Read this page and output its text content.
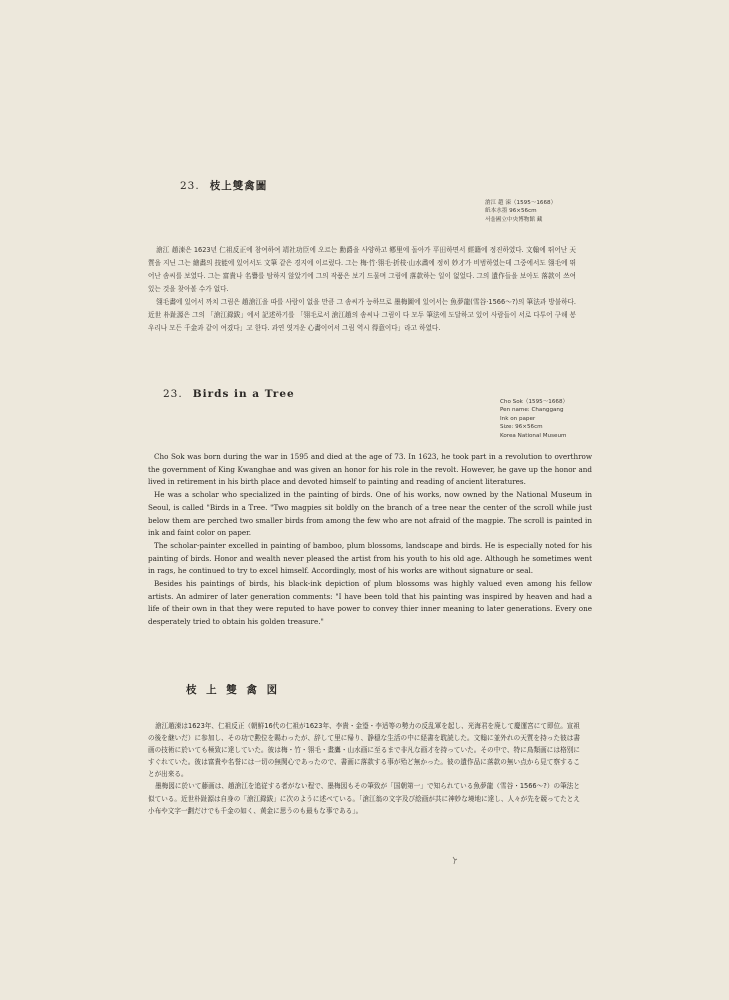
23. 枝上雙禽圖
滄江 趙 涑（1595～1668）
紙本水墨 96×56cm
서울國立中央博物館 藏

滄江 趙涑은 1623년 仁祖反正에 참여하여 靖社功臣에 오르는 勳爵을 사양하고 鄕里에 돌아가 平田하면서 經籍에 정진하였다. 文翰에 뛰어난 天質을 지닌 그는 繪畵의 技能에 있어서도 文筆 같은 경지에 이르렀다. 그는 梅·竹·翎毛·折枝·山水畵에 정히 妙才가 비범하였는데 그중에서도 翎毛에 뛰어난 솜씨를 보였다. 그는 富貴나 名譽를 탐하지 않았기에 그의 작품은 보기 드물며 그림에 落款하는 일이 없었다. 그의 遺作들을 보아도 落款이 쓰여 있는 것을 찾아볼 수가 없다.

翎毛畵에 있어서 까치 그림은 趙滄江을 따를 사람이 없을 만큼 그 솜씨가 능하므로 墨梅圖에 있어서는 魚夢龍(雪谷·1566～?)의 筆法과 방불하다. 近世 朴趾源은 그의 「滄江錄跋」에서 記述하기를 「翎毛로서 滄江趙의 솜씨나 그림이 다 모두 筆法에 도달하고 있어 사람들이 서로 다투어 구해 봉우리나 모든 千金과 같이 여겼다」고 한다. 과연 엿겨운 心畵이어서 그림 역시 得意이다」라고 하였다.

23. Birds in a Tree
Cho Sok（1595～1668）
Pen name: Changgang
Ink on paper
Size: 96×56cm
Korea National Museum

Cho Sok was born during the war in 1595 and died at the age of 73. In 1623, he took part in a revolution to overthrow the government of King Kwanghae and was given an honor for his role in the revolt. However, he gave up the honor and lived in retirement in his birth place and devoted himself to painting and reading of ancient literatures.

He was a scholar who specialized in the painting of birds. One of his works, now owned by the National Museum in Seoul, is called "Birds in a Tree. "Two magpies sit boldly on the branch of a tree near the center of the scroll while just below them are perched two smaller birds from among the few who are not afraid of the magpie. The scroll is painted in ink and faint color on paper.

The scholar-painter excelled in painting of bamboo, plum blossoms, landscape and birds. He is especially noted for his painting of birds. Honor and wealth never pleased the artist from his youth to his old age. Although he sometimes went in rags, he continued to try to excel himself. Accordingly, most of his works are without signature or seal.

Besides his paintings of birds, his black-ink depiction of plum blossoms was highly valued even among his fellow artists. An admirer of later generation comments: "I have been told that his painting was inspired by heaven and had a life of their own in that they were reputed to have power to convey thier inner meaning to later generations. Every one desperately tried to obtain his golden treasure."

枝 上 雙 禽 図

滄江趙涑は1623年、仁祖反正（朝鮮16代の仁祖が1623年、李貴・金瑬・李适等の勢力の反乱軍を起し、光海君を廃して慶運宮にて即位。宣祖の後を継いだ）に参加し、その功で勲位を賜わったが、辞して里に帰り、静穏な生活の中に経書を耽読した。文翰に並外れの天質を持った彼は書画の技術に於いても極致に達していた。彼は梅・竹・翎毛・畫鷹・山水画に至るまで非凡な画才を持っていた。その中で、特に鳥類画には格別にすぐれていた。彼は富貴や名誉には一切の無関心であったので、書画に落款する事が殆ど無かった。彼の遺作品に落款の無い点から見て察することが出来る。

墨梅図に於いて藤画は、趙滄江を追従する者がない程で、墨梅図もその筆致が「国朝第一」で知られている魚夢龍（雪谷・1566～?）の筆法と似ている。近世朴趾源は自身の「滄江錄跋」に次のように述べている。「滄江翁の文字及び絵画が共に神妙な境地に達し、人々が先を競ってたとえ小布や文字一劃だけでも千金の如く、黄金に思うのも最もな事である」。
